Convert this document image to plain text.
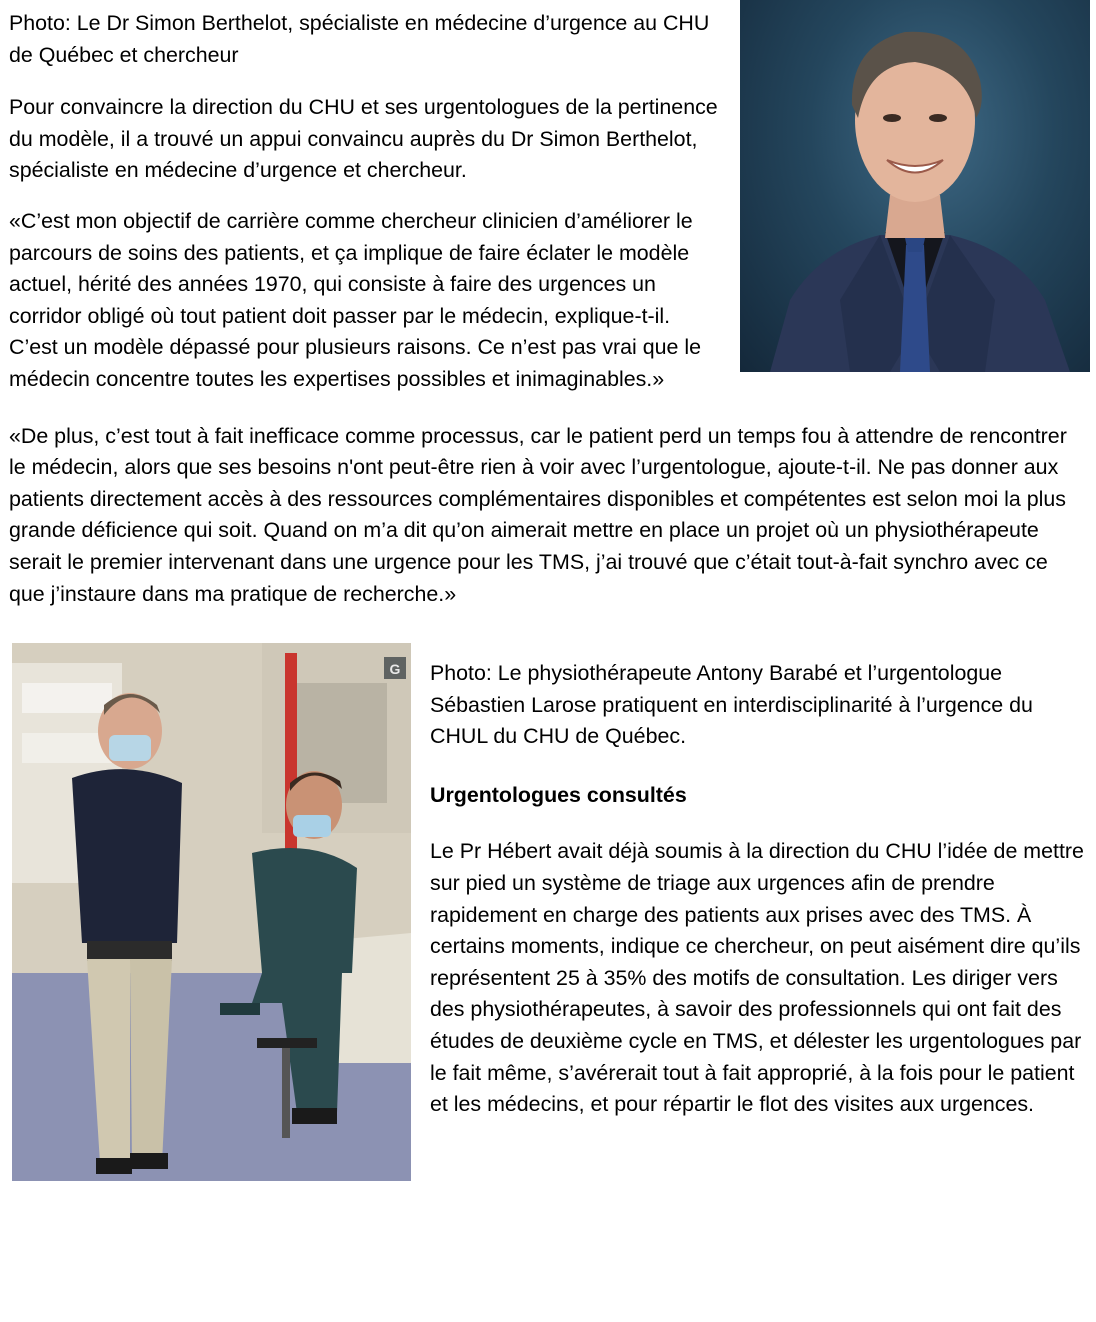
Photo: Le Dr Simon Berthelot, spécialiste en médecine d’urgence au CHU de Québec et chercheur

Pour convaincre la direction du CHU et ses urgentologues de la pertinence du modèle, il a trouvé un appui convaincu auprès du Dr Simon Berthelot, spécialiste en médecine d’urgence et chercheur.

«C’est mon objectif de carrière comme chercheur clinicien d’améliorer le parcours de soins des patients, et ça implique de faire éclater le modèle actuel, hérité des années 1970, qui consiste à faire des urgences un corridor obligé où tout patient doit passer par le médecin, explique-t-il. C’est un modèle dépassé pour plusieurs raisons. Ce n’est pas vrai que le médecin concentre toutes les expertises possibles et inimaginables.»

«De plus, c’est tout à fait inefficace comme processus, car le patient perd un temps fou à attendre de rencontrer le médecin, alors que ses besoins n'ont peut-être rien à voir avec l’urgentologue, ajoute-t-il. Ne pas donner aux patients directement accès à des ressources complémentaires disponibles et compétentes est selon moi la plus grande déficience qui soit. Quand on m’a dit qu’on aimerait mettre en place un projet où un physiothérapeute serait le premier intervenant dans une urgence pour les TMS, j’ai trouvé que c’était tout-à-fait synchro avec ce que j’instaure dans ma pratique de recherche.»

G	Photo: Le physiothérapeute Antony Barabé et l’urgentologue Sébastien Larose pratiquent en interdisciplinarité à l’urgence du CHUL du CHU de Québec.

Urgentologues consultés

Le Pr Hébert avait déjà soumis à la direction du CHU l’idée de mettre sur pied un système de triage aux urgences afin de prendre rapidement en charge des patients aux prises avec des TMS. À certains moments, indique ce chercheur, on peut aisément dire qu’ils représentent 25 à 35% des motifs de consultation. Les diriger vers des physiothérapeutes, à savoir des professionnels qui ont fait des études de deuxième cycle en TMS, et délester les urgentologues par le fait même, s’avérerait tout à fait approprié, à la fois pour le patient et les médecins, et pour répartir le flot des visites aux urgences.
